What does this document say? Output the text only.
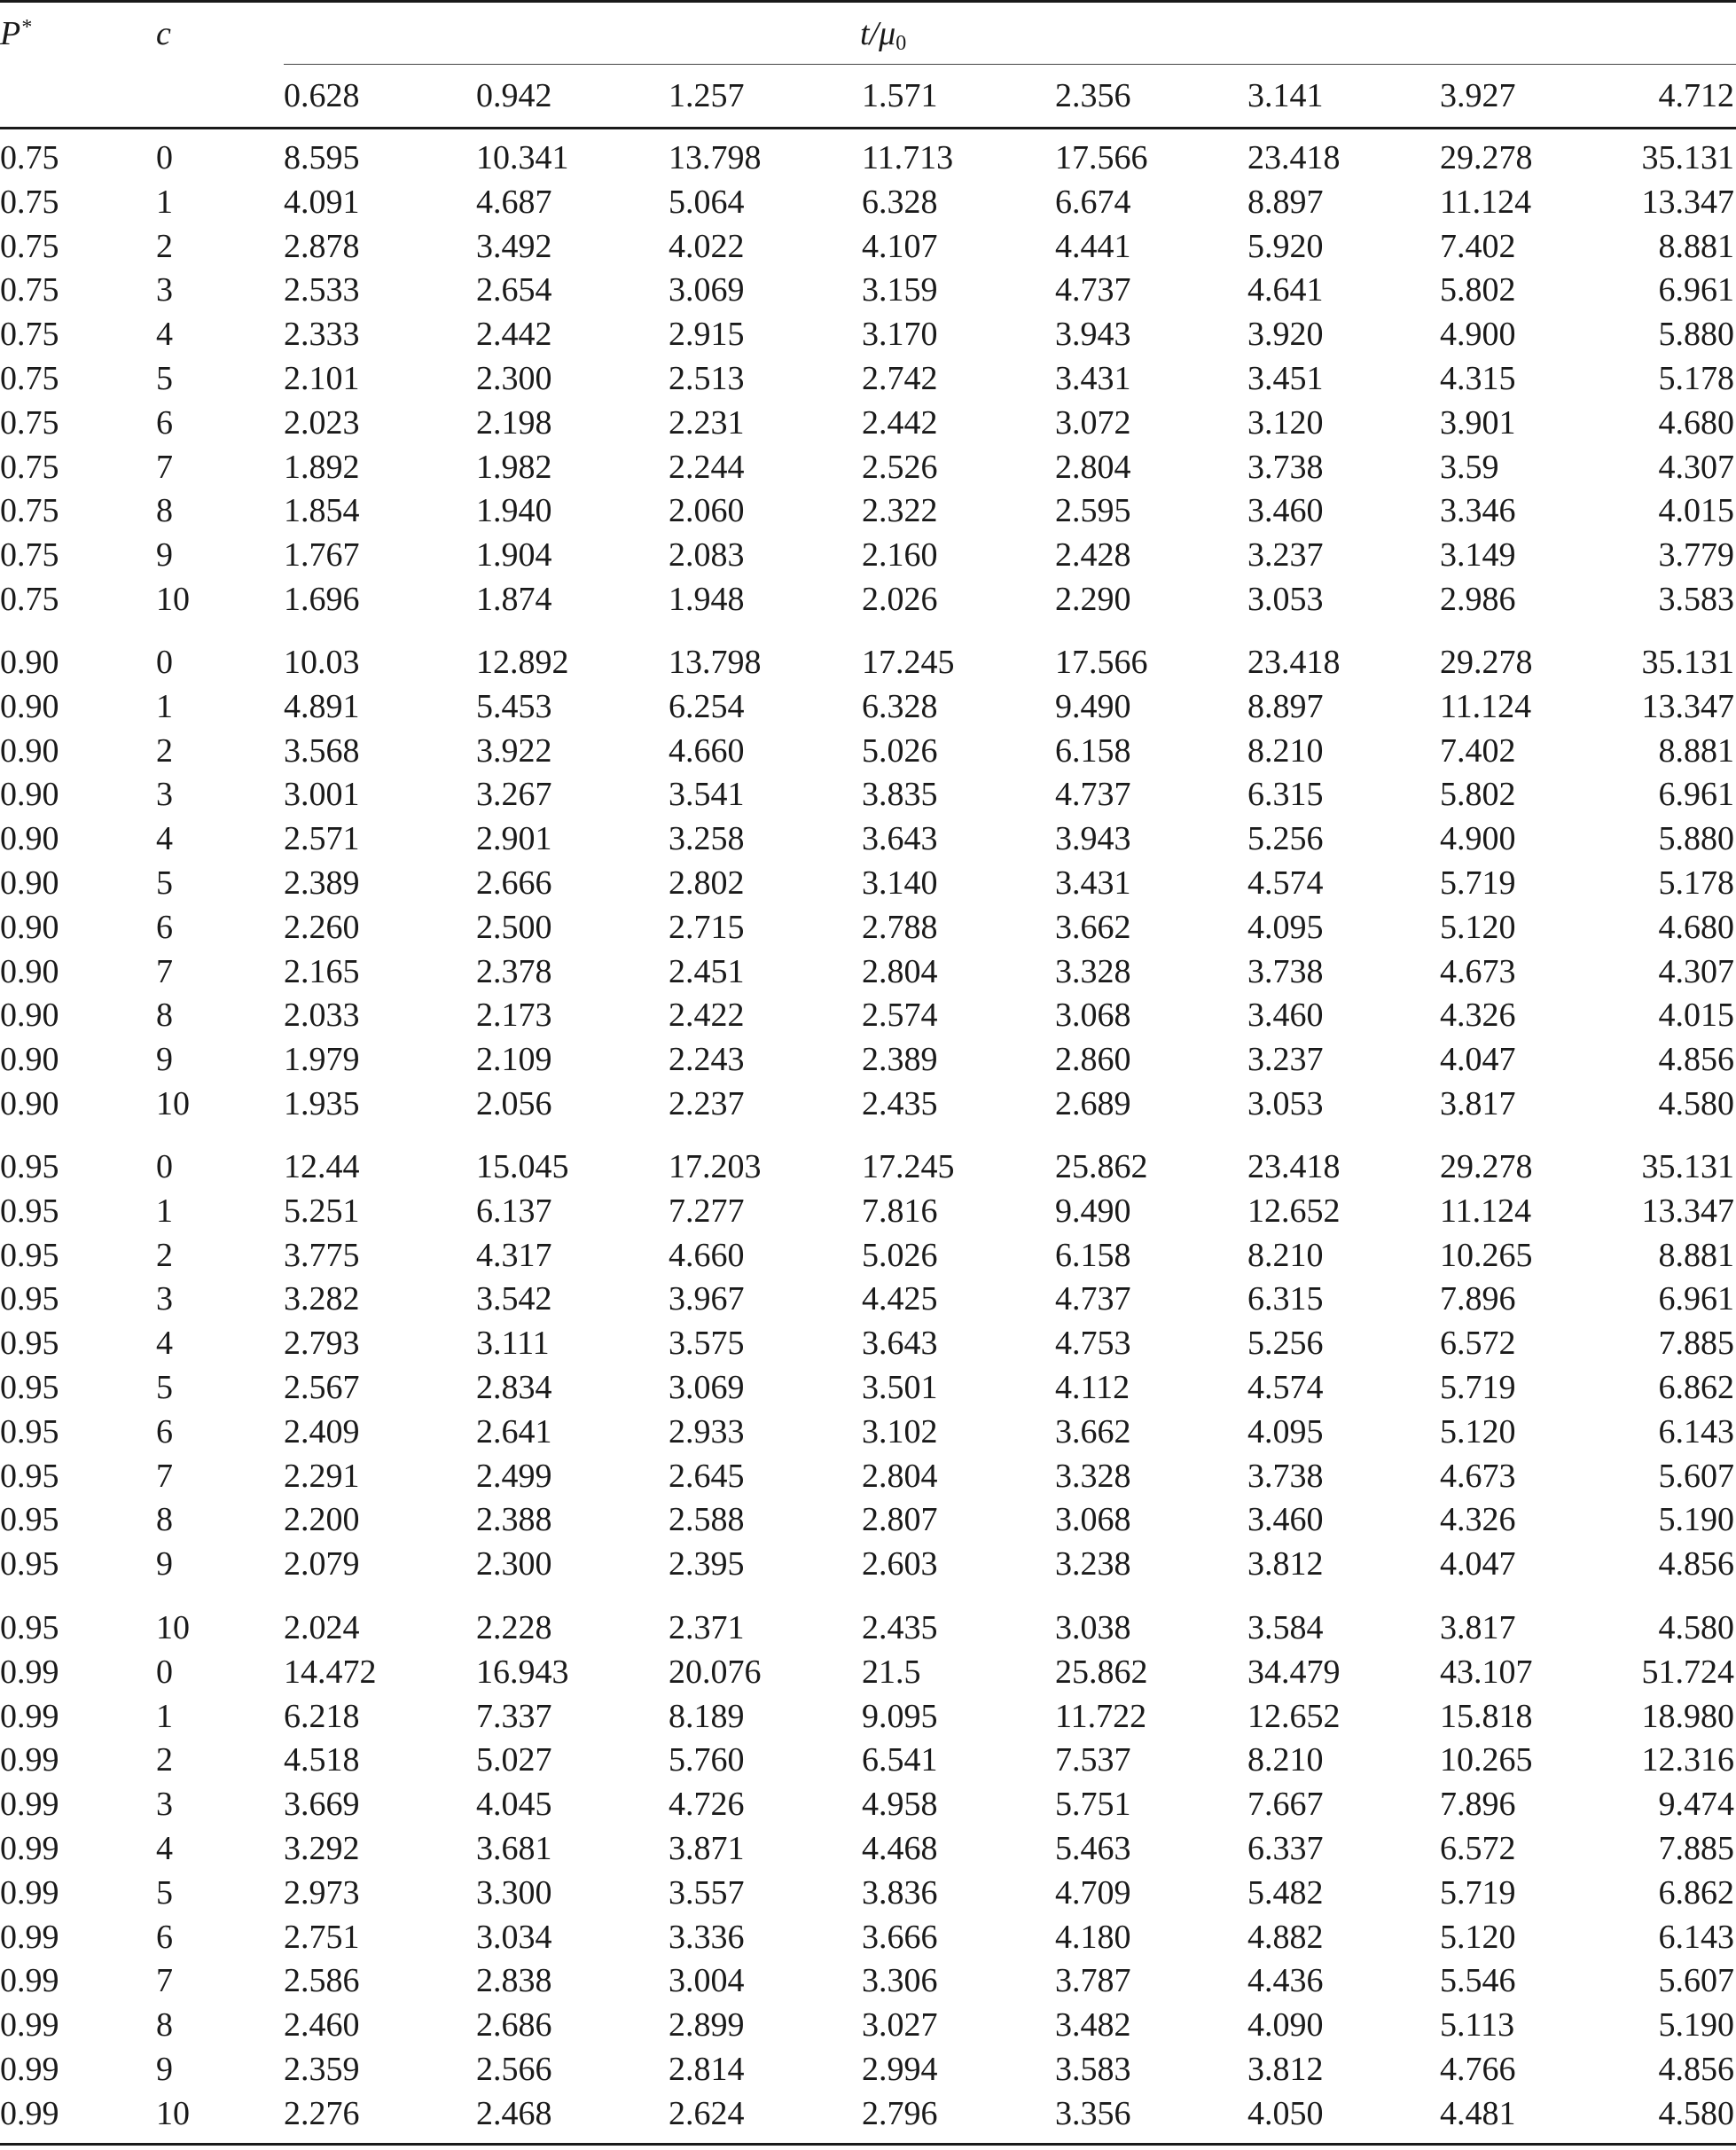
P*	c	$t/\mu_0$
0.628	0.942	1.257	1.571	2.356	3.141	3.927	4.712
0.75	0	8.595	10.341	13.798	11.713	17.566	23.418	29.278	35.131
0.75	1	4.091	4.687	5.064	6.328	6.674	8.897	11.124	13.347
0.75	2	2.878	3.492	4.022	4.107	4.441	5.920	7.402	8.881
0.75	3	2.533	2.654	3.069	3.159	4.737	4.641	5.802	6.961
0.75	4	2.333	2.442	2.915	3.170	3.943	3.920	4.900	5.880
0.75	5	2.101	2.300	2.513	2.742	3.431	3.451	4.315	5.178
0.75	6	2.023	2.198	2.231	2.442	3.072	3.120	3.901	4.680
0.75	7	1.892	1.982	2.244	2.526	2.804	3.738	3.59	4.307
0.75	8	1.854	1.940	2.060	2.322	2.595	3.460	3.346	4.015
0.75	9	1.767	1.904	2.083	2.160	2.428	3.237	3.149	3.779
0.75	10	1.696	1.874	1.948	2.026	2.290	3.053	2.986	3.583
0.90	0	10.03	12.892	13.798	17.245	17.566	23.418	29.278	35.131
0.90	1	4.891	5.453	6.254	6.328	9.490	8.897	11.124	13.347
0.90	2	3.568	3.922	4.660	5.026	6.158	8.210	7.402	8.881
0.90	3	3.001	3.267	3.541	3.835	4.737	6.315	5.802	6.961
0.90	4	2.571	2.901	3.258	3.643	3.943	5.256	4.900	5.880
0.90	5	2.389	2.666	2.802	3.140	3.431	4.574	5.719	5.178
0.90	6	2.260	2.500	2.715	2.788	3.662	4.095	5.120	4.680
0.90	7	2.165	2.378	2.451	2.804	3.328	3.738	4.673	4.307
0.90	8	2.033	2.173	2.422	2.574	3.068	3.460	4.326	4.015
0.90	9	1.979	2.109	2.243	2.389	2.860	3.237	4.047	4.856
0.90	10	1.935	2.056	2.237	2.435	2.689	3.053	3.817	4.580
0.95	0	12.44	15.045	17.203	17.245	25.862	23.418	29.278	35.131
0.95	1	5.251	6.137	7.277	7.816	9.490	12.652	11.124	13.347
0.95	2	3.775	4.317	4.660	5.026	6.158	8.210	10.265	8.881
0.95	3	3.282	3.542	3.967	4.425	4.737	6.315	7.896	6.961
0.95	4	2.793	3.111	3.575	3.643	4.753	5.256	6.572	7.885
0.95	5	2.567	2.834	3.069	3.501	4.112	4.574	5.719	6.862
0.95	6	2.409	2.641	2.933	3.102	3.662	4.095	5.120	6.143
0.95	7	2.291	2.499	2.645	2.804	3.328	3.738	4.673	5.607
0.95	8	2.200	2.388	2.588	2.807	3.068	3.460	4.326	5.190
0.95	9	2.079	2.300	2.395	2.603	3.238	3.812	4.047	4.856
0.95	10	2.024	2.228	2.371	2.435	3.038	3.584	3.817	4.580
0.99	0	14.472	16.943	20.076	21.5	25.862	34.479	43.107	51.724
0.99	1	6.218	7.337	8.189	9.095	11.722	12.652	15.818	18.980
0.99	2	4.518	5.027	5.760	6.541	7.537	8.210	10.265	12.316
0.99	3	3.669	4.045	4.726	4.958	5.751	7.667	7.896	9.474
0.99	4	3.292	3.681	3.871	4.468	5.463	6.337	6.572	7.885
0.99	5	2.973	3.300	3.557	3.836	4.709	5.482	5.719	6.862
0.99	6	2.751	3.034	3.336	3.666	4.180	4.882	5.120	6.143
0.99	7	2.586	2.838	3.004	3.306	3.787	4.436	5.546	5.607
0.99	8	2.460	2.686	2.899	3.027	3.482	4.090	5.113	5.190
0.99	9	2.359	2.566	2.814	2.994	3.583	3.812	4.766	4.856
0.99	10	2.276	2.468	2.624	2.796	3.356	4.050	4.481	4.580
